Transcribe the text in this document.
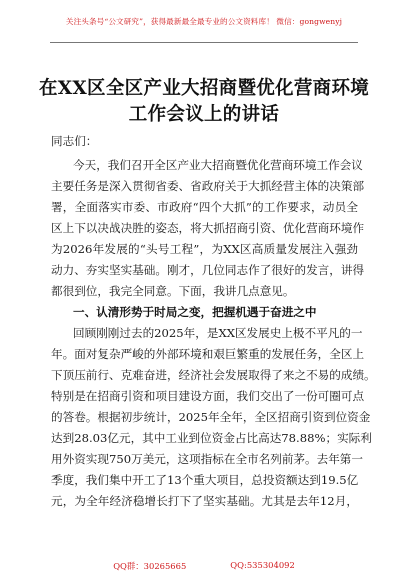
关注头条号“公文研究”，获得最新最全最专业的公文资料库！ 微信：gongwenyj
在XX区全区产业大招商暨优化营商环境
工作会议上的讲话
同志们：
今天，我们召开全区产业大招商暨优化营商环境工作会议
主要任务是深入贯彻省委、省政府关于大抓经营主体的决策部
署，全面落实市委、市政府“四个大抓”的工作要求，动员全
区上下以决战决胜的姿态，将大抓招商引资、优化营商环境作
为2026年发展的“头号工程”，为XX区高质量发展注入强劲
动力、夯实坚实基础。刚才，几位同志作了很好的发言，讲得
都很到位，我完全同意。下面，我讲几点意见。
一、认清形势于时局之变，把握机遇于奋进之中
回顾刚刚过去的2025年，是XX区发展史上极不平凡的一
年。面对复杂严峻的外部环境和艰巨繁重的发展任务，全区上
下顶压前行、克难奋进，经济社会发展取得了来之不易的成绩。
特别是在招商引资和项目建设方面，我们交出了一份可圈可点
的答卷。根据初步统计，2025年全年，全区招商引资到位资金
达到28.03亿元，其中工业到位资金占比高达78.88%；实际利
用外资实现750万美元，这项指标在全市名列前茅。去年第一
季度，我们集中开工了13个重大项目，总投资额达到19.5亿
元，为全年经济稳增长打下了坚实基础。尤其是去年12月，
QQ群：30265665	QQ:535304092
